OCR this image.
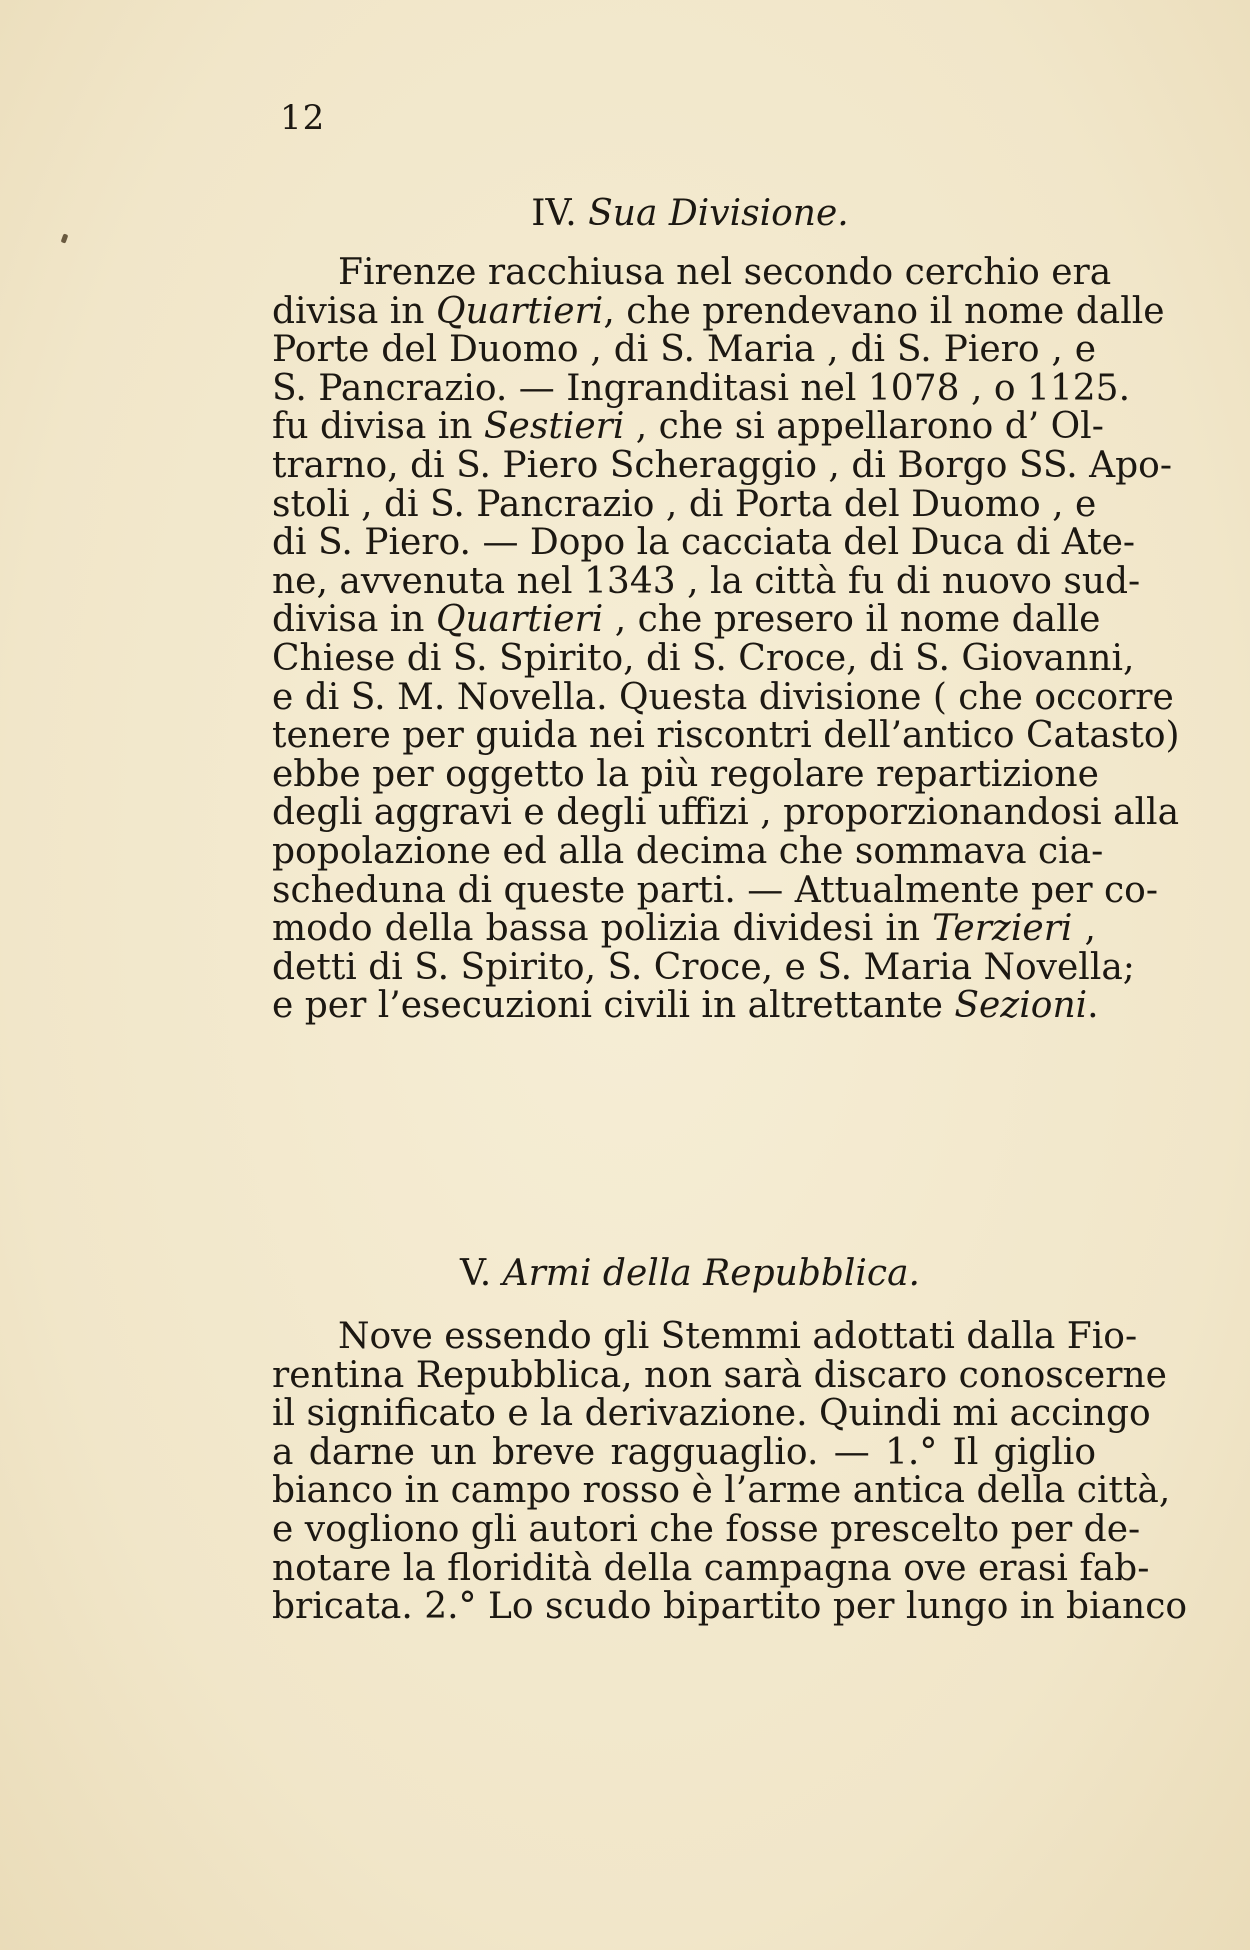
12
IV. Sua Divisione.
Firenze racchiusa nel secondo cerchio era
divisa in Quartieri, che prendevano il nome dalle
Porte del Duomo , di S. Maria , di S. Piero , e
S. Pancrazio. — Ingranditasi nel 1078 , o 1125.
fu divisa in Sestieri , che si appellarono d’ Ol-
trarno, di S. Piero Scheraggio , di Borgo SS. Apo-
stoli , di S. Pancrazio , di Porta del Duomo , e
di S. Piero. — Dopo la cacciata del Duca di Ate-
ne, avvenuta nel 1343 , la città fu di nuovo sud-
divisa in Quartieri , che presero il nome dalle
Chiese di S. Spirito, di S. Croce, di S. Giovanni,
e di S. M. Novella. Questa divisione ( che occorre
tenere per guida nei riscontri dell’antico Catasto)
ebbe per oggetto la più regolare repartizione
degli aggravi e degli uffizi , proporzionandosi alla
popolazione ed alla decima che sommava cia-
scheduna di queste parti. — Attualmente per co-
modo della bassa polizia dividesi in Terzieri ,
detti di S. Spirito, S. Croce, e S. Maria Novella;
e per l’esecuzioni civili in altrettante Sezioni.
V. Armi della Repubblica.
Nove essendo gli Stemmi adottati dalla Fio-
rentina Repubblica, non sarà discaro conoscerne
il significato e la derivazione. Quindi mi accingo
a darne un breve ragguaglio. — 1.° Il giglio
bianco in campo rosso è l’arme antica della città,
e vogliono gli autori che fosse prescelto per de-
notare la floridità della campagna ove erasi fab-
bricata. 2.° Lo scudo bipartito per lungo in bianco
